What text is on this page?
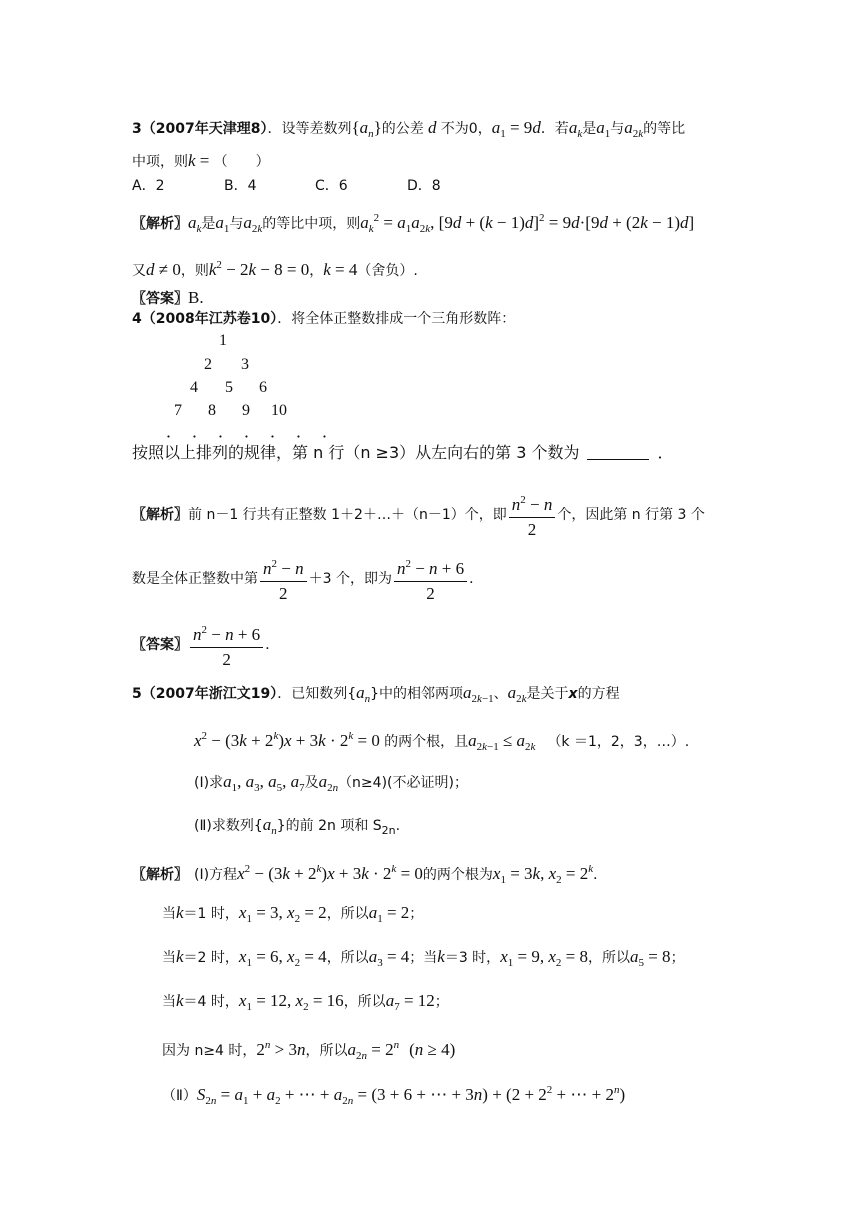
3（2007年天津理8）．设等差数列$\{a_n\}$的公差 d 不为0，$a_1 = 9d$．若$a_k$是$a_1$与$a_{2k}$的等比
中项，则k = （　　）
A．2	B．4	C．6	D．8
〖解析〗$a_k$是$a_1$与$a_{2k}$的等比中项，则$a_k^2 = a_1a_{2k}$, $[9d + (k - 1)d]^2 = 9d\cdot[9d + (2k - 1)d]$
又d ≠ 0，则$k^2 - 2k - 8 = 0$，k = 4（舍负）.
〖答案〗B.
4（2008年江苏卷10）．将全体正整数排成一个三角形数阵：
1
2 3
4 5 6
7 8 9 10
．．．．．．．
按照以上排列的规律，第 n 行（n ≥3）从左向右的第 3 个数为	．
〖解析〗前 n－1 行共有正整数 1＋2＋…＋（n－1）个，即 $\frac{n^2 - n}{2}$ 个，因此第 n 行第 3 个
数是全体正整数中第 $\frac{n^2 - n}{2} +3$ 个，即为 $\frac{n^2 - n + 6}{2}$ ．
〖答案〗 $\frac{n^2 - n + 6}{2}$ ．
5（2007年浙江文19）．已知数列$\{a_n\}$中的相邻两项$a_{2k-1}$、$a_{2k}$是关于x的方程
$x^2 - (3k + 2^k)x + 3k \cdot 2^k = 0$ 的两个根，且$a_{2k-1} \le a_{2k}$ （k ＝1，2，3，…）.
(I)求$a_1$, $a_3$, $a_5$, $a_7$及$a_{2n}(n\ge 4)$(不必证明)；
(Ⅱ)求数列$\{a_n\}$的前 2n 项和 $S_{2n}$.
〖解析〗 (I)方程$x^2 - (3k + 2^k)x + 3k \cdot 2^k = 0$的两个根为$x_1 = 3k$, $x_2 = 2^k$．
当k＝1 时，$x_1 = 3$, $x_2 = 2$，所以$a_1 = 2$；
当k＝2 时，$x_1 = 6$, $x_2 = 4$，所以$a_3 = 4$；当k＝3 时，$x_1 = 9$, $x_2 = 8$，所以$a_5 = 8$；
当k＝4 时，$x_1 = 12$, $x_2 = 16$，所以$a_7 = 12$；
因为 n≥4 时，$2^n > 3n$，所以$a_{2n} = 2^n$ (n ≥ 4)
$(Ⅱ)S_{2n} = a_1 + a_2$ + ⋯ + $a_{2n} = (3 + 6$ + ⋯ + $3n) + (2 + 2^2$ + ⋯ + $2^n$)
